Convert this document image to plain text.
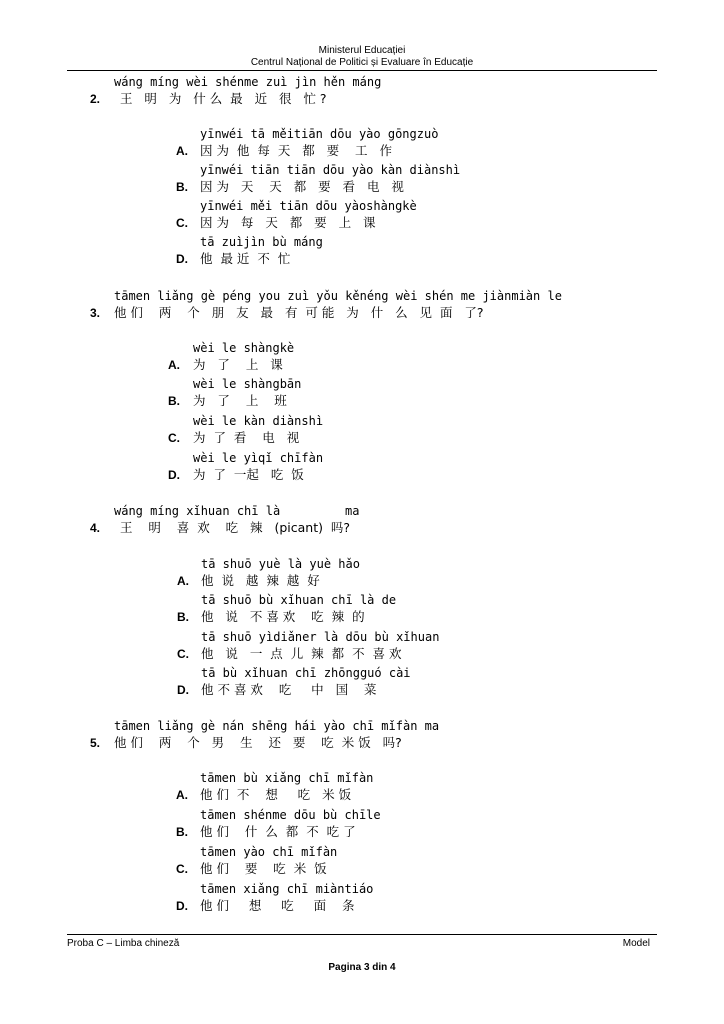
Ministerul Educației
Centrul Național de Politici și Evaluare în Educație
wáng míng wèi shénme zuì jìn hěn máng
2. 王   明   为   什 么  最   近   很   忙 ?
yīnwéi tā měitiān dōu yào gōngzuò
A. 因 为  他  每  天   都   要    工   作
yīnwéi tiān tiān dōu yào kàn diànshì
B. 因 为   天    天   都   要   看   电   视
yīnwéi měi tiān dōu yàoshàngkè
C. 因 为   每   天   都   要   上   课
tā zuìjìn bù máng
D. 他  最 近  不  忙
tāmen liǎng gè péng you zuì yǒu kěnéng wèi shén me jiànmiàn le
3. 他 们    两    个   朋   友   最   有  可 能   为   什   么   见  面   了?
wèi le shàngkè
A. 为   了    上   课
wèi le shàngbān
B. 为   了    上    班
wèi le kàn diànshì
C. 为  了  看    电   视
wèi le yìqǐ chīfàn
D. 为  了  一起   吃  饭
wáng míng xǐhuan chī là	ma
4. 王    明    喜  欢    吃   辣   (picant)  吗?
tā shuō yuè là yuè hǎo
A. 他  说   越  辣  越  好
tā shuō bù xǐhuan chī là de
B. 他   说   不 喜 欢    吃  辣  的
tā shuō yìdiǎner là dōu bù xǐhuan
C. 他   说   一  点  儿  辣  都  不  喜 欢
tā bù xǐhuan chī zhōngguó cài
D. 他 不 喜 欢    吃     中   国    菜
tāmen liǎng gè nán shēng hái yào chī mǐfàn ma
5. 他 们    两    个   男    生    还   要    吃  米 饭   吗?
tāmen bù xiǎng chī mǐfàn
A. 他 们  不    想     吃   米 饭
tāmen shénme dōu bù chīle
B. 他 们    什  么  都  不  吃 了
tāmen yào chī mǐfàn
C. 他 们    要    吃  米  饭
tāmen xiǎng chī miàntiáo
D. 他 们     想     吃     面    条
Proba C – Limba chineză	Model
Pagina 3 din 4
